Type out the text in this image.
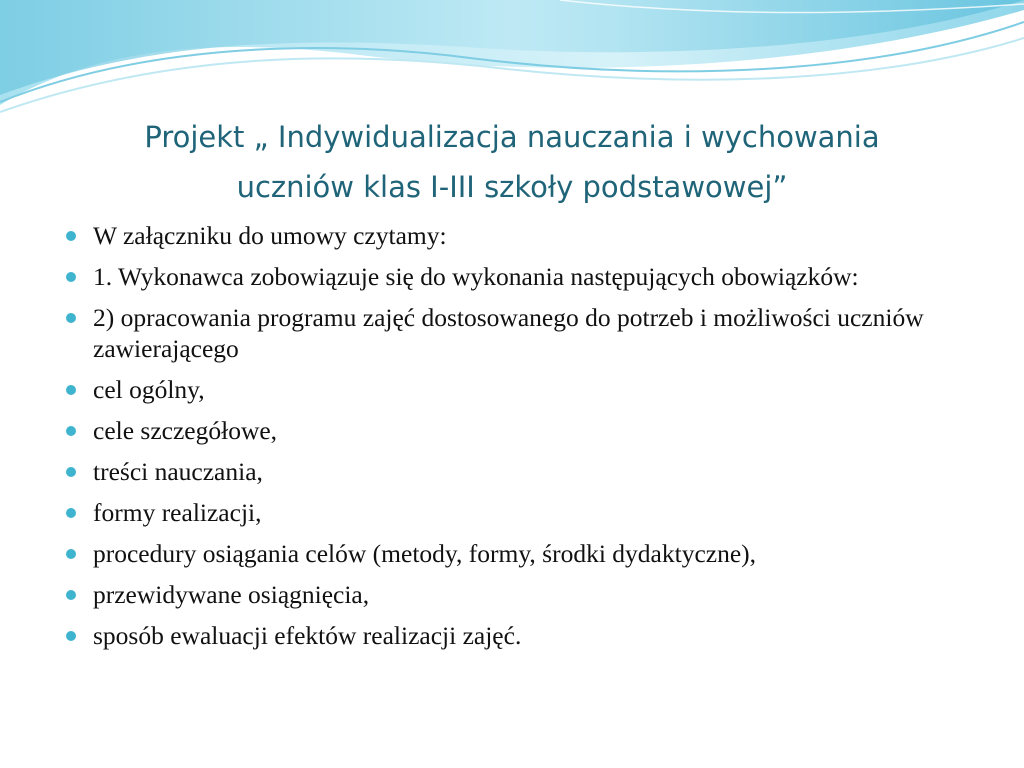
Projekt „ Indywidualizacja nauczania i wychowania
uczniów klas I-III szkoły podstawowej”
W załączniku do umowy czytamy:
1. Wykonawca zobowiązuje się do wykonania następujących obowiązków:
2) opracowania programu zajęć dostosowanego do potrzeb i możliwości uczniów zawierającego
cel ogólny,
cele szczegółowe,
treści nauczania,
formy realizacji,
procedury osiągania celów (metody, formy, środki dydaktyczne),
przewidywane osiągnięcia,
sposób ewaluacji efektów realizacji zajęć.
